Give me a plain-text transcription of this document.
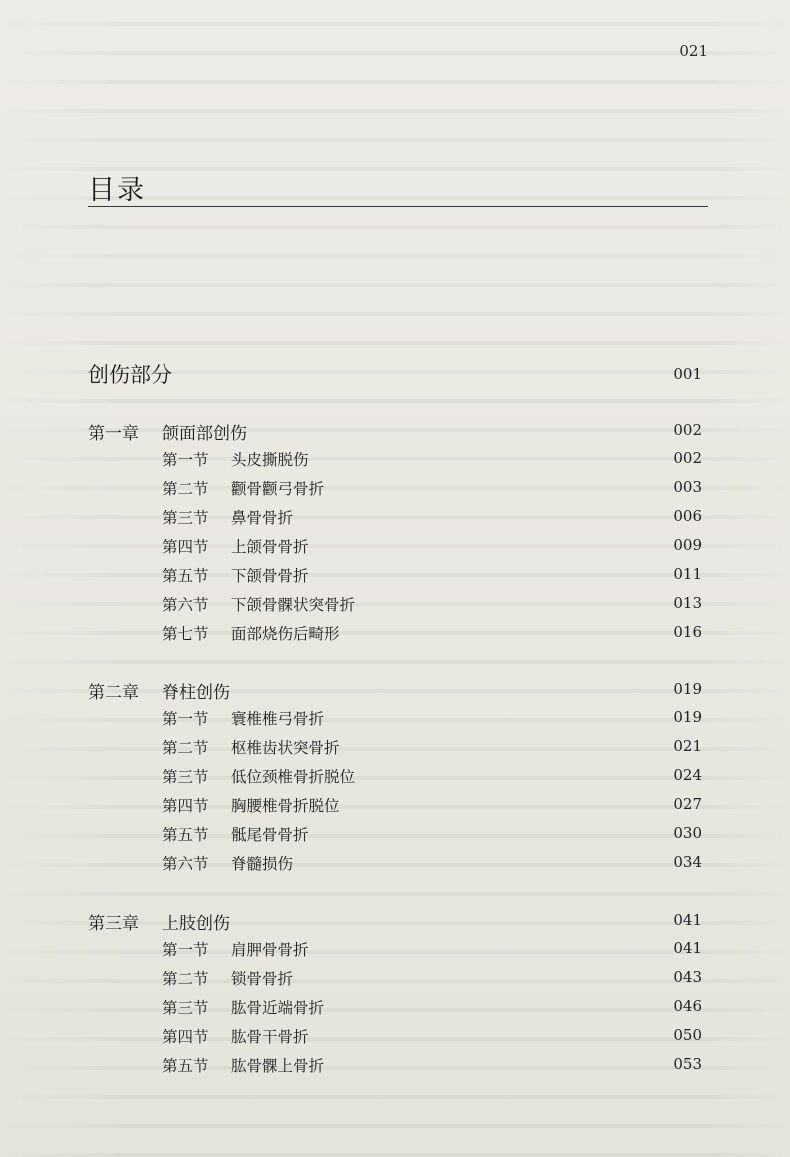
021
目录
创伤部分	001
第一章 颌面部创伤	002
第一节 头皮撕脱伤	002
第二节 颧骨颧弓骨折	003
第三节 鼻骨骨折	006
第四节 上颌骨骨折	009
第五节 下颌骨骨折	011
第六节 下颌骨髁状突骨折	013
第七节 面部烧伤后畸形	016
第二章 脊柱创伤	019
第一节 寰椎椎弓骨折	019
第二节 枢椎齿状突骨折	021
第三节 低位颈椎骨折脱位	024
第四节 胸腰椎骨折脱位	027
第五节 骶尾骨骨折	030
第六节 脊髓损伤	034
第三章 上肢创伤	041
第一节 肩胛骨骨折	041
第二节 锁骨骨折	043
第三节 肱骨近端骨折	046
第四节 肱骨干骨折	050
第五节 肱骨髁上骨折	053
